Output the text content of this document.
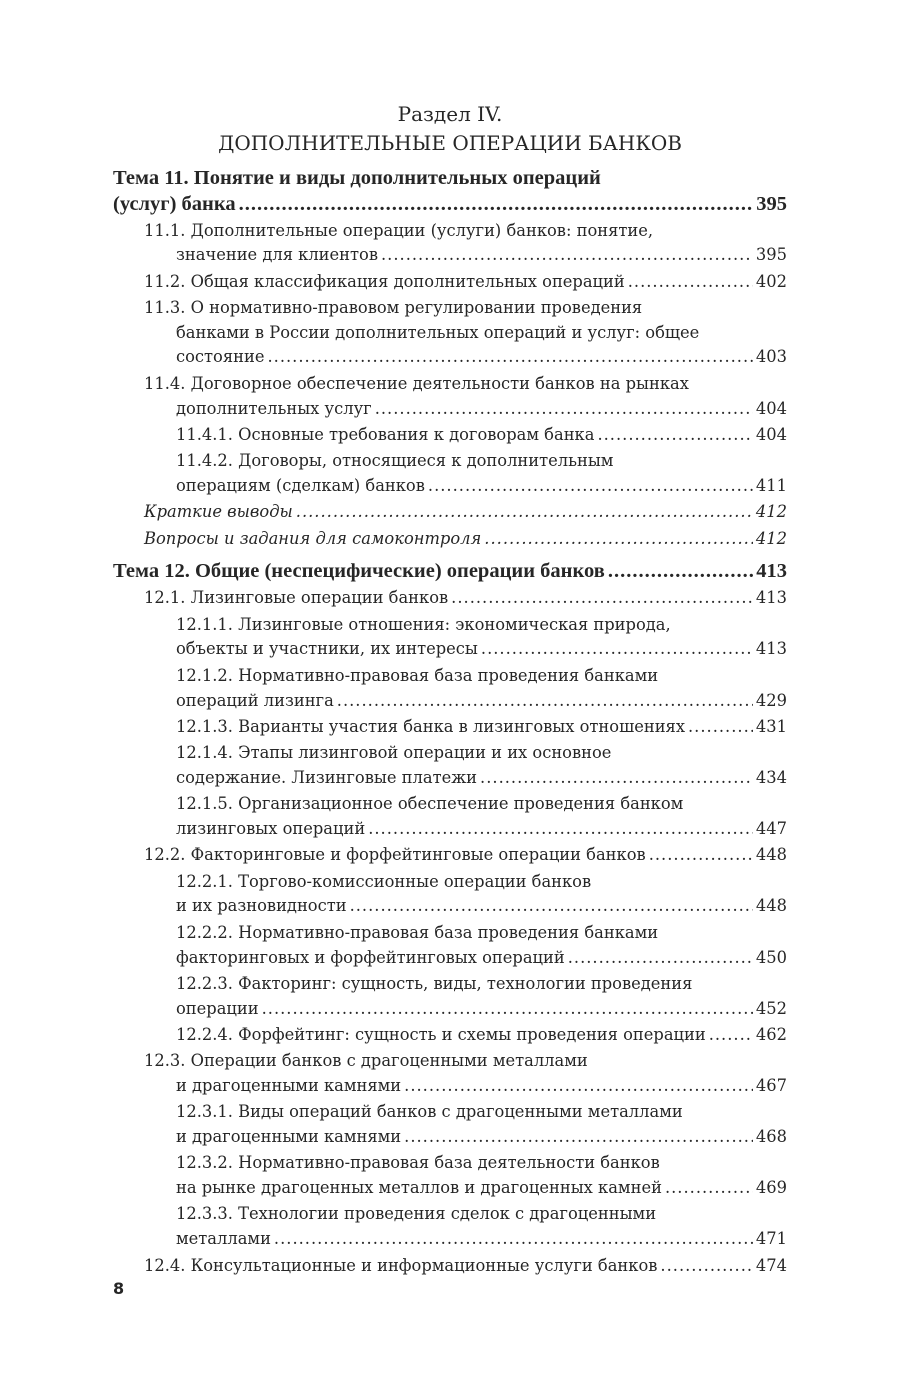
Раздел IV.
ДОПОЛНИТЕЛЬНЫЕ ОПЕРАЦИИ БАНКОВ
Тема 11. Понятие и виды дополнительных операций
(услуг) банка .....	395
11.1. Дополнительные операции (услуги) банков: понятие,
значение для клиентов .....	395
11.2. Общая классификация дополнительных операций .....	402
11.3. О нормативно-правовом регулировании проведения
банками в России дополнительных операций и услуг: общее
состояние .....	403
11.4. Договорное обеспечение деятельности банков на рынках
дополнительных услуг .....	404
11.4.1. Основные требования к договорам банка .....	404
11.4.2. Договоры, относящиеся к дополнительным
операциям (сделкам) банков .....	411
Краткие выводы .....	412
Вопросы и задания для самоконтроля .....	412
Тема 12. Общие (неспецифические) операции банков .....	413
12.1. Лизинговые операции банков .....	413
12.1.1. Лизинговые отношения: экономическая природа,
объекты и участники, их интересы .....	413
12.1.2. Нормативно-правовая база проведения банками
операций лизинга .....	429
12.1.3. Варианты участия банка в лизинговых отношениях .....	431
12.1.4. Этапы лизинговой операции и их основное
содержание. Лизинговые платежи .....	434
12.1.5. Организационное обеспечение проведения банком
лизинговых операций .....	447
12.2. Факторинговые и форфейтинговые операции банков .....	448
12.2.1. Торгово-комиссионные операции банков
и их разновидности .....	448
12.2.2. Нормативно-правовая база проведения банками
факторинговых и форфейтинговых операций .....	450
12.2.3. Факторинг: сущность, виды, технологии проведения
операции .....	452
12.2.4. Форфейтинг: сущность и схемы проведения операции .....	462
12.3. Операции банков с драгоценными металлами
и драгоценными камнями .....	467
12.3.1. Виды операций банков с драгоценными металлами
и драгоценными камнями .....	468
12.3.2. Нормативно-правовая база деятельности банков
на рынке драгоценных металлов и драгоценных камней .....	469
12.3.3. Технологии проведения сделок с драгоценными
металлами .....	471
12.4. Консультационные и информационные услуги банков .....	474
8
